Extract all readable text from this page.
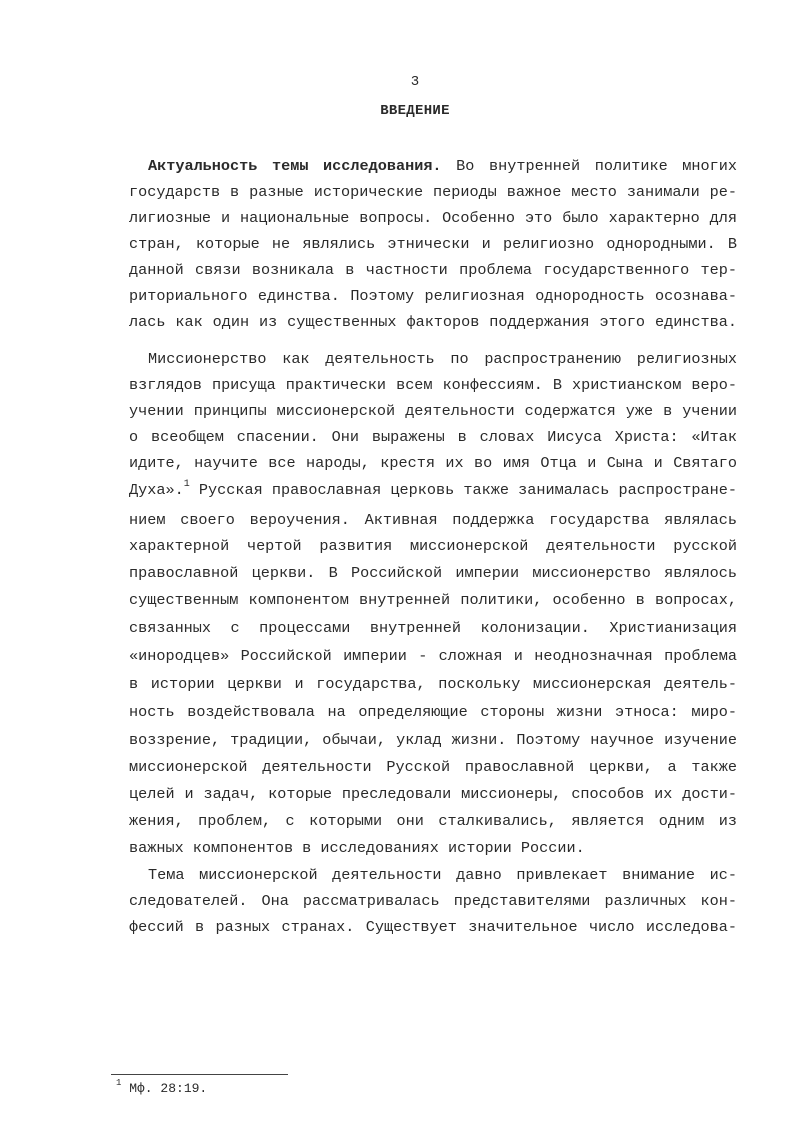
3
ВВЕДЕНИЕ
Актуальность темы исследования. Во внутренней политике многих
государств в разные исторические периоды важное место занимали ре-
лигиозные и национальные вопросы. Особенно это было характерно для
стран, которые не являлись этнически и религиозно однородными. В
данной связи возникала в частности проблема государственного тер-
риториального единства. Поэтому религиозная однородность осознава-
лась как один из существенных факторов поддержания этого единства.
Миссионерство как деятельность по распространению религиозных
взглядов присуща практически всем конфессиям. В христианском веро-
учении принципы миссионерской деятельности содержатся уже в учении
о всеобщем спасении. Они выражены в словах Иисуса Христа: «Итак
идите, научите все народы, крестя их во имя Отца и Сына и Святаго
Духа».$^1$ Русская православная церковь также занималась распростране-
нием своего вероучения. Активная поддержка государства являлась
характерной чертой развития миссионерской деятельности русской
православной церкви. В Российской империи миссионерство являлось
существенным компонентом внутренней политики, особенно в вопросах,
связанных с процессами внутренней колонизации. Христианизация
«инородцев» Российской империи - сложная и неоднозначная проблема
в истории церкви и государства, поскольку миссионерская деятель-
ность воздействовала на определяющие стороны жизни этноса: миро-
воззрение, традиции, обычаи, уклад жизни. Поэтому научное изучение
миссионерской деятельности Русской православной церкви, а также
целей и задач, которые преследовали миссионеры, способов их дости-
жения, проблем, с которыми они сталкивались, является одним из
важных компонентов в исследованиях истории России.
Тема миссионерской деятельности давно привлекает внимание ис-
следователей. Она рассматривалась представителями различных кон-
фессий в разных странах. Существует значительное число исследова-
$^1$ Мф. 28:19.
